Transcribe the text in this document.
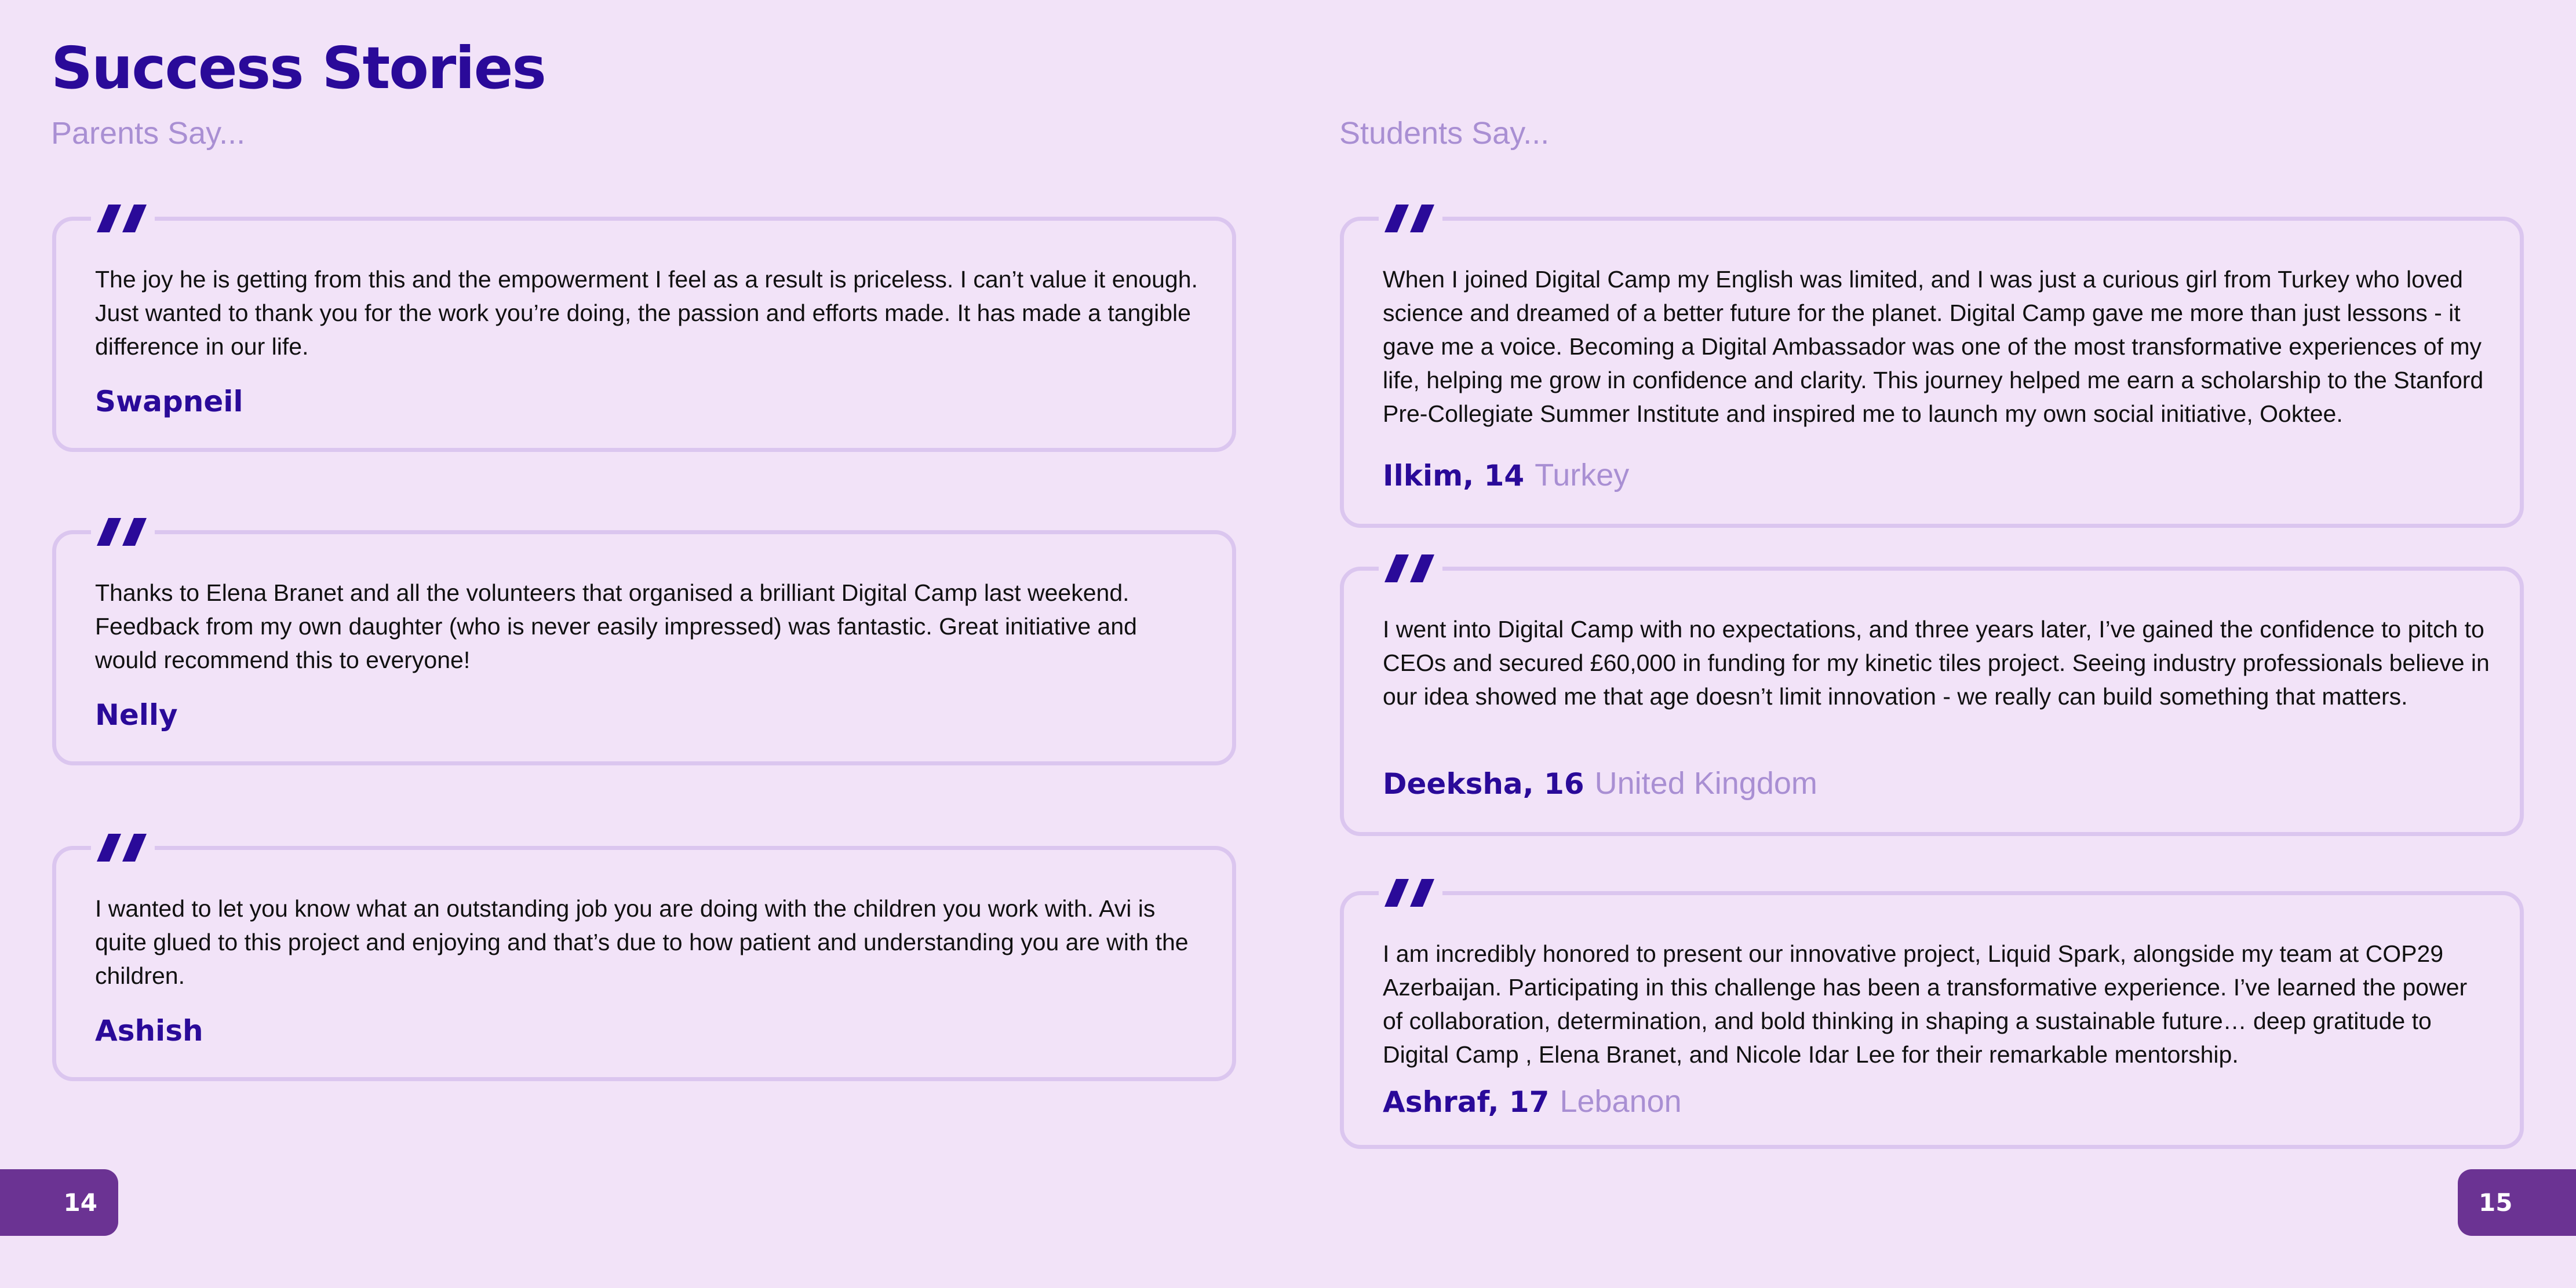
Success Stories
Parents Say...	Students Say...

The joy he is getting from this and the empowerment I feel as a result is priceless. I can’t value it enough. Just wanted to thank you for the work you’re doing, the passion and efforts made. It has made a tangible difference in our life.

Swapneil

Thanks to Elena Branet and all the volunteers that organised a brilliant Digital Camp last weekend. Feedback from my own daughter (who is never easily impressed) was fantastic. Great initiative and would recommend this to everyone!

Nelly

I wanted to let you know what an outstanding job you are doing with the children you work with. Avi is quite glued to this project and enjoying and that’s due to how patient and understanding you are with the children.

Ashish

When I joined Digital Camp my English was limited, and I was just a curious girl from Turkey who loved science and dreamed of a better future for the planet. Digital Camp gave me more than just lessons - it gave me a voice. Becoming a Digital Ambassador was one of the most transformative experiences of my life, helping me grow in confidence and clarity. This journey helped me earn a scholarship to the Stanford Pre-Collegiate Summer Institute and inspired me to launch my own social initiative, Ooktee.

Ilkim, 14 Turkey

I went into Digital Camp with no expectations, and three years later, I’ve gained the confidence to pitch to CEOs and secured £60,000 in funding for my kinetic tiles project. Seeing industry professionals believe in our idea showed me that age doesn’t limit innovation - we really can build something that matters.

Deeksha, 16 United Kingdom

I am incredibly honored to present our innovative project, Liquid Spark, alongside my team at COP29 Azerbaijan. Participating in this challenge has been a transformative experience. I’ve learned the power of collaboration, determination, and bold thinking in shaping a sustainable future… deep gratitude to Digital Camp , Elena Branet, and Nicole Idar Lee for their remarkable mentorship.

Ashraf, 17 Lebanon

14	15
